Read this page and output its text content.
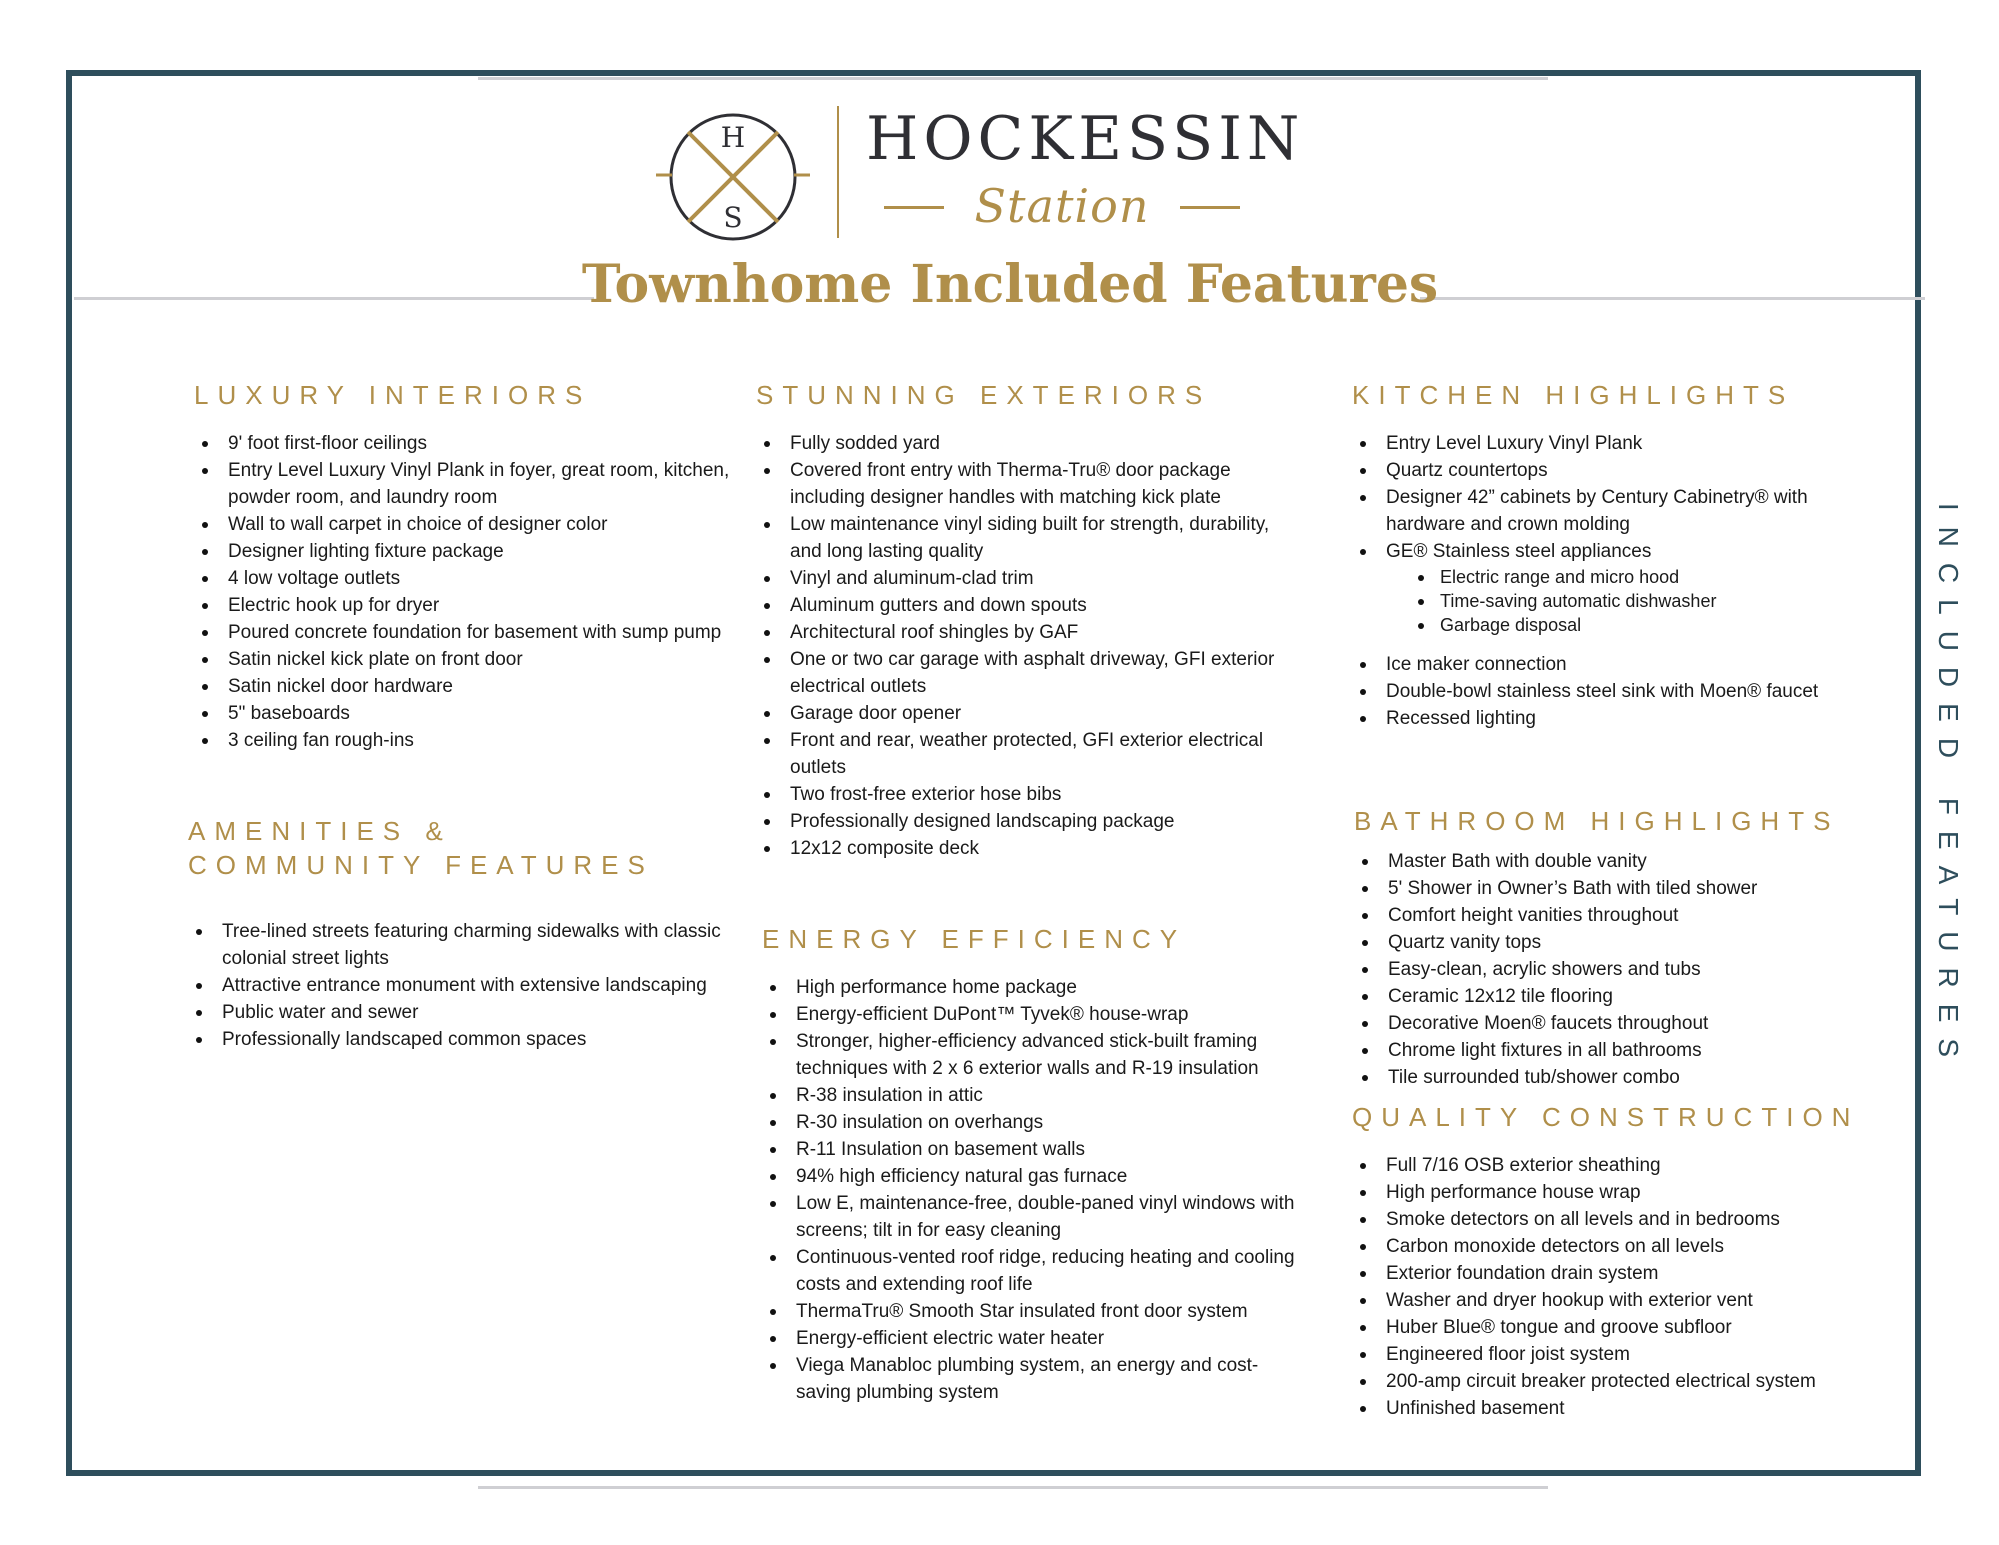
H
S
HOCKESSIN
Station
Townhome Included Features
INCLUDED FEATURES
LUXURY INTERIORS
9' foot first-floor ceilings
Entry Level Luxury Vinyl Plank in foyer, great room, kitchen, powder room, and laundry room
Wall to wall carpet in choice of designer color
Designer lighting fixture package
4 low voltage outlets
Electric hook up for dryer
Poured concrete foundation for basement with sump pump
Satin nickel kick plate on front door
Satin nickel door hardware
5" baseboards
3 ceiling fan rough-ins
AMENITIES &
COMMUNITY FEATURES
Tree-lined streets featuring charming sidewalks with classic colonial street lights
Attractive entrance monument with extensive landscaping
Public water and sewer
Professionally landscaped common spaces
STUNNING EXTERIORS
Fully sodded yard
Covered front entry with Therma-Tru® door package including designer handles with matching kick plate
Low maintenance vinyl siding built for strength, durability, and long lasting quality
Vinyl and aluminum-clad trim
Aluminum gutters and down spouts
Architectural roof shingles by GAF
One or two car garage with asphalt driveway, GFI exterior electrical outlets
Garage door opener
Front and rear, weather protected, GFI exterior electrical outlets
Two frost-free exterior hose bibs
Professionally designed landscaping package
12x12 composite deck
ENERGY EFFICIENCY
High performance home package
Energy-efficient DuPont™ Tyvek® house-wrap
Stronger, higher-efficiency advanced stick-built framing techniques with 2 x 6 exterior walls and R-19 insulation
R-38 insulation in attic
R-30 insulation on overhangs
R-11 Insulation on basement walls
94% high efficiency natural gas furnace
Low E, maintenance-free, double-paned vinyl windows with screens; tilt in for easy cleaning
Continuous-vented roof ridge, reducing heating and cooling costs and extending roof life
ThermaTru® Smooth Star insulated front door system
Energy-efficient electric water heater
Viega Manabloc plumbing system, an energy and cost-saving plumbing system
KITCHEN HIGHLIGHTS
Entry Level Luxury Vinyl Plank
Quartz countertops
Designer 42” cabinets by Century Cabinetry® with hardware and crown molding
GE® Stainless steel appliances
Electric range and micro hood
Time-saving automatic dishwasher
Garbage disposal
Ice maker connection
Double-bowl stainless steel sink with Moen® faucet
Recessed lighting
BATHROOM HIGHLIGHTS
Master Bath with double vanity
5' Shower in Owner’s Bath with tiled shower
Comfort height vanities throughout
Quartz vanity tops
Easy-clean, acrylic showers and tubs
Ceramic 12x12 tile flooring
Decorative Moen® faucets throughout
Chrome light fixtures in all bathrooms
Tile surrounded tub/shower combo
QUALITY CONSTRUCTION
Full 7/16 OSB exterior sheathing
High performance house wrap
Smoke detectors on all levels and in bedrooms
Carbon monoxide detectors on all levels
Exterior foundation drain system
Washer and dryer hookup with exterior vent
Huber Blue® tongue and groove subfloor
Engineered floor joist system
200-amp circuit breaker protected electrical system
Unfinished basement
